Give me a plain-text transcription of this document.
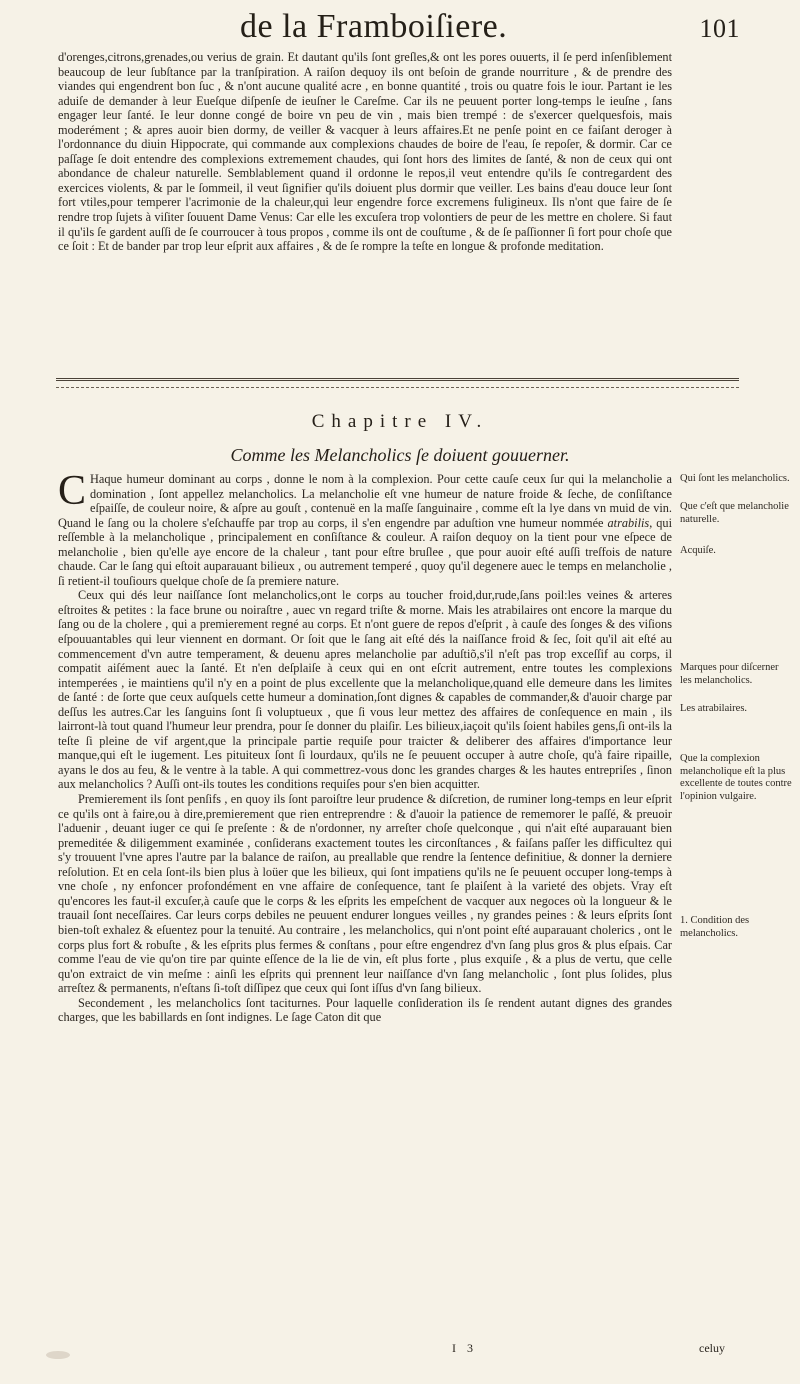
de la Framboiſiere.	101

d'orenges,citrons,grenades,ou verius de grain. Et dautant qu'ils ſont greſles,& ont les pores ouuerts, il ſe perd inſenſiblement beaucoup de leur ſubſtance par la tranſpiration. A raiſon dequoy ils ont beſoin de grande nourriture , & de prendre des viandes qui engendrent bon ſuc , & n'ont aucune qualité acre , en bonne quantité , trois ou quatre fois le iour. Partant ie les aduiſe de demander à leur Eueſque diſpenſe de ieuſner le Careſme. Car ils ne peuuent porter long-temps le ieuſne , ſans engager leur ſanté. Ie leur donne congé de boire vn peu de vin , mais bien trempé : de s'exercer quelquesfois, mais moderément ; & apres auoir bien dormy, de veiller & vacquer à leurs affaires.Et ne penſe point en ce faiſant deroger à l'ordonnance du diuin Hippocrate, qui commande aux complexions chaudes de boire de l'eau, ſe repoſer, & dormir. Car ce paſſage ſe doit entendre des complexions extremement chaudes, qui ſont hors des limites de ſanté, & non de ceux qui ont abondance de chaleur naturelle. Semblablement quand il ordonne le repos,il veut entendre qu'ils ſe contregardent des exercices violents, & par le ſommeil, il veut ſignifier qu'ils doiuent plus dormir que veiller. Les bains d'eau douce leur ſont fort vtiles,pour temperer l'acrimonie de la chaleur,qui leur engendre force excremens fuligineux. Ils n'ont que faire de ſe rendre trop ſujets à viſiter ſouuent Dame Venus: Car elle les excuſera trop volontiers de peur de les mettre en cholere. Si faut il qu'ils ſe gardent auſſi de ſe courroucer à tous propos , comme ils ont de couſtume , & de ſe paſſionner ſi fort pour choſe que ce ſoit : Et de bander par trop leur eſprit aux affaires , & de ſe rompre la teſte en longue & profonde meditation.

Chapitre IV.
Comme les Melancholics ſe doiuent gouuerner.

C Haque humeur dominant au corps , donne le nom à la complexion. Pour cette cauſe ceux ſur qui la melancholie a domination , ſont appellez melancholics. La melancholie eſt vne humeur de nature froide & ſeche, de conſiſtance eſpaiſſe, de couleur noire, & aſpre au gouſt , contenuë en la maſſe ſanguinaire , comme eſt la lye dans vn muid de vin. Quand le ſang ou la cholere s'eſchauffe par trop au corps, il s'en engendre par aduſtion vne humeur nommée atrabilis, qui reſſemble à la melancholique , principalement en conſiſtance & couleur. A raiſon dequoy on la tient pour vne eſpece de melancholie , bien qu'elle aye encore de la chaleur , tant pour eſtre bruſlee , que pour auoir eſté auſſi treſfois de nature chaude. Car le ſang qui eſtoit auparauant bilieux , ou autrement temperé , quoy qu'il degenere auec le temps en melancholie , ſi retient-il touſiours quelque choſe de ſa premiere nature.

Ceux qui dés leur naiſſance ſont melancholics,ont le corps au toucher froid,dur,rude,ſans poil:les veines & arteres eſtroites & petites : la face brune ou noiraſtre , auec vn regard triſte & morne. Mais les atrabilaires ont encore la marque du ſang ou de la cholere , qui a premierement regné au corps. Et n'ont guere de repos d'eſprit , à cauſe des ſonges & des viſions eſpouuantables qui leur viennent en dormant. Or ſoit que le ſang ait eſté dés la naiſſance froid & ſec, ſoit qu'il ait eſté au commencement d'vn autre temperament, & deuenu apres melancholie par aduſtiõ,s'il n'eſt pas trop exceſſif au corps, il compatit aiſément auec la ſanté. Et n'en deſplaiſe à ceux qui en ont eſcrit autrement, entre toutes les complexions intemperées , ie maintiens qu'il n'y en a point de plus excellente que la melancholique,quand elle demeure dans les limites de ſanté : de ſorte que ceux auſquels cette humeur a domination,ſont dignes & capables de commander,& d'auoir charge par deſſus les autres.Car les ſanguins ſont ſi voluptueux , que ſi vous leur mettez des affaires de conſequence en main , ils lairront-là tout quand l'humeur leur prendra, pour ſe donner du plaiſir. Les bilieux,iaçoit qu'ils ſoient habiles gens,ſi ont-ils la teſte ſi pleine de vif argent,que la principale partie requiſe pour traicter & deliberer des affaires d'importance leur manque,qui eſt le iugement. Les pituiteux ſont ſi lourdaux, qu'ils ne ſe peuuent occuper à autre choſe, qu'à faire ripaille, ayans le dos au feu, & le ventre à la table. A qui commettrez-vous donc les grandes charges & les hautes entrepriſes , ſinon aux melancholics ? Auſſi ont-ils toutes les conditions requiſes pour s'en bien acquitter.

Premierement ils ſont penſifs , en quoy ils ſont paroiſtre leur prudence & diſcretion, de ruminer long-temps en leur eſprit ce qu'ils ont à faire,ou à dire,premierement que rien entreprendre : & d'auoir la patience de rememorer le paſſé, & preuoir l'aduenir , deuant iuger ce qui ſe preſente : & de n'ordonner, ny arreſter choſe quelconque , qui n'ait eſté auparauant bien premeditée & diligemment examinée , conſiderans exactement toutes les circonſtances , & faiſans paſſer les difficultez qui s'y trouuent l'vne apres l'autre par la balance de raiſon, au preallable que rendre la ſentence definitiue, & donner la derniere reſolution. Et en cela ſont-ils bien plus à loüer que les bilieux, qui ſont impatiens qu'ils ne ſe peuuent occuper long-temps à vne choſe , ny enfoncer profondément en vne affaire de conſequence, tant ſe plaiſent à la varieté des objets. Vray eſt qu'encores les faut-il excuſer,à cauſe que le corps & les eſprits les empeſchent de vacquer aux negoces où la longueur & le trauail ſont neceſſaires. Car leurs corps debiles ne peuuent endurer longues veilles , ny grandes peines : & leurs eſprits ſont bien-toſt exhalez & eſuentez pour la tenuité. Au contraire , les melancholics, qui n'ont point eſté auparauant cholerics , ont le corps plus fort & robuſte , & les eſprits plus fermes & conſtans , pour eſtre engendrez d'vn ſang plus gros & plus eſpais. Car comme l'eau de vie qu'on tire par quinte eſſence de la lie de vin, eſt plus forte , plus exquiſe , & a plus de vertu, que celle qu'on extraict de vin meſme : ainſi les eſprits qui prennent leur naiſſance d'vn ſang melancholic , ſont plus ſolides, plus arreſtez & permanents, n'eſtans ſi-toſt diſſipez que ceux qui ſont iſſus d'vn ſang bilieux.

Secondement , les melancholics ſont taciturnes. Pour laquelle conſideration ils ſe rendent autant dignes des grandes charges, que les babillards en ſont indignes. Le ſage Caton dit que

Qui ſont les melancholics.
Que c'eſt que melancholie naturelle.
Acquiſe.
Marques pour diſcerner les melancholics.
Les atrabilaires.
Que la complexion melancholique eſt la plus excellente de toutes contre l'opinion vulgaire.
1. Condition des melancholics.
I 3	celuy
